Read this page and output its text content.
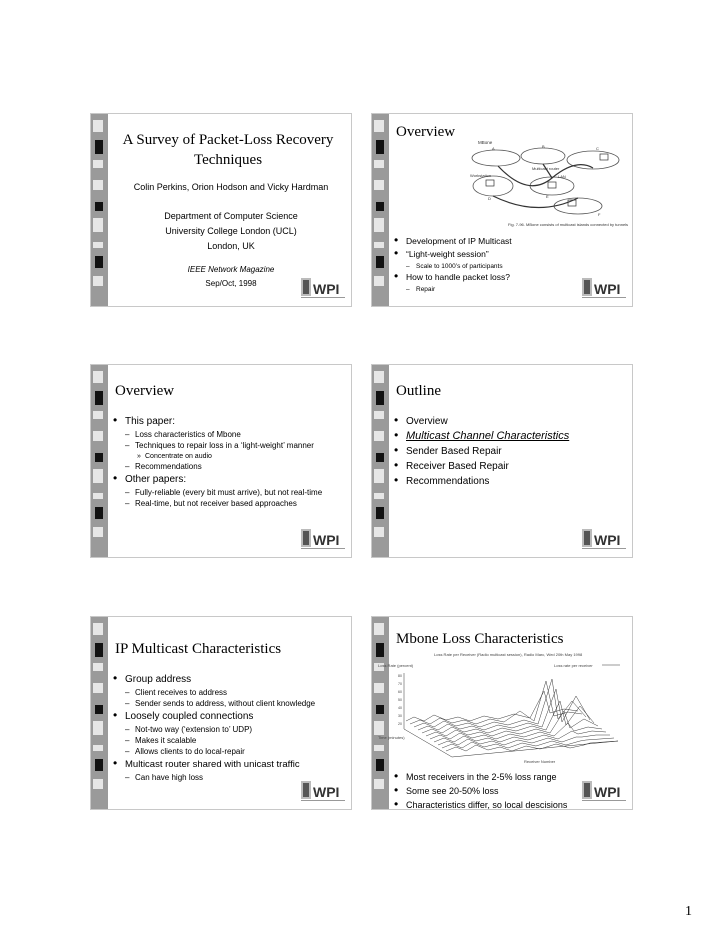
A Survey of Packet-Loss Recovery Techniques
Colin Perkins, Orion Hodson and Vicky Hardman
Department of Computer Science
University College London (UCL)
London, UK
IEEE Network Magazine
Sep/Oct, 1998	WPI
Overview
MBone
Multicast router
Workstation	LAN
A	B	C
D	E
F
Fig. 7-96. MBone consists of multicast islands connected by tunnels
• Development of IP Multicast
• “Light-weight session”
– Scale to 1000’s of participants
• How to handle packet loss?
– Repair	WPI
Overview
• This paper:
– Loss characteristics of Mbone
– Techniques to repair loss in a ‘light-weight’ manner
» Concentrate on audio
– Recommendations
• Other papers:
– Fully-reliable (every bit must arrive), but not real-time
– Real-time, but not receiver based approaches
WPI
Outline
• Overview
• Multicast Channel Characteristics
• Sender Based Repair
• Receiver Based Repair
• Recommendations
WPI
IP Multicast Characteristics
• Group address
– Client receives to address
– Sender sends to address, without client knowledge
• Loosely coupled connections
– Not-two way (‘extension to’ UDP)
– Makes it scalable
– Allows clients to do local-repair
• Multicast router shared with unicast traffic
– Can have high loss
WPI
Mbone Loss Characteristics
Loss Rate per Receiver (Radio multicast session), Radio Marc, Wed 20th May 1998
Loss Rate (percent)	Loss rate per receiver
80
70
60
50
40
30
20
Time (minutes)
Receiver Number
• Most receivers in the 2-5% loss range
• Some see 20-50% loss
• Characteristics differ, so local descisions
WPI
1
